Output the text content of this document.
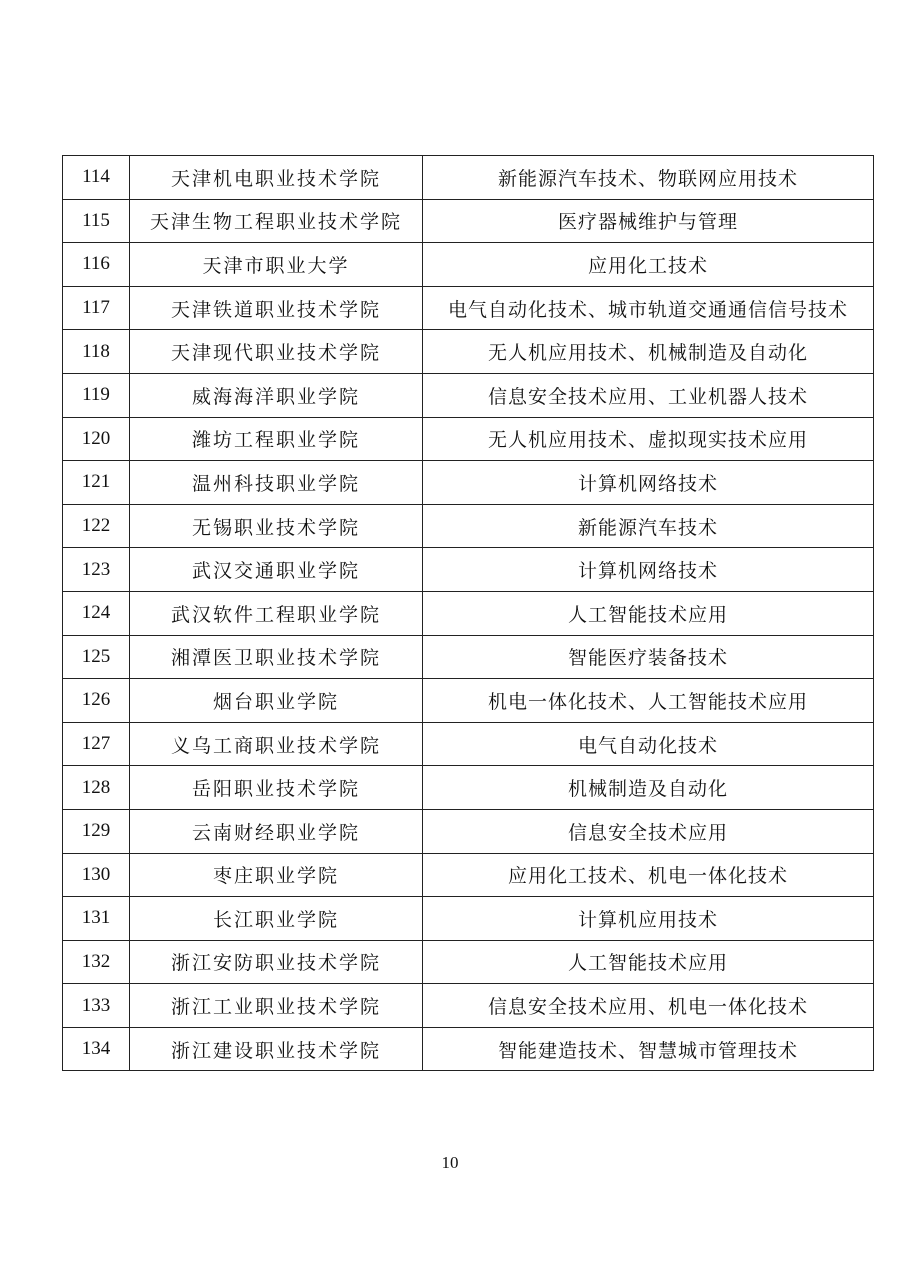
114	天津机电职业技术学院	新能源汽车技术、物联网应用技术
115	天津生物工程职业技术学院	医疗器械维护与管理
116	天津市职业大学	应用化工技术
117	天津铁道职业技术学院	电气自动化技术、城市轨道交通通信信号技术
118	天津现代职业技术学院	无人机应用技术、机械制造及自动化
119	威海海洋职业学院	信息安全技术应用、工业机器人技术
120	潍坊工程职业学院	无人机应用技术、虚拟现实技术应用
121	温州科技职业学院	计算机网络技术
122	无锡职业技术学院	新能源汽车技术
123	武汉交通职业学院	计算机网络技术
124	武汉软件工程职业学院	人工智能技术应用
125	湘潭医卫职业技术学院	智能医疗装备技术
126	烟台职业学院	机电一体化技术、人工智能技术应用
127	义乌工商职业技术学院	电气自动化技术
128	岳阳职业技术学院	机械制造及自动化
129	云南财经职业学院	信息安全技术应用
130	枣庄职业学院	应用化工技术、机电一体化技术
131	长江职业学院	计算机应用技术
132	浙江安防职业技术学院	人工智能技术应用
133	浙江工业职业技术学院	信息安全技术应用、机电一体化技术
134	浙江建设职业技术学院	智能建造技术、智慧城市管理技术
10
